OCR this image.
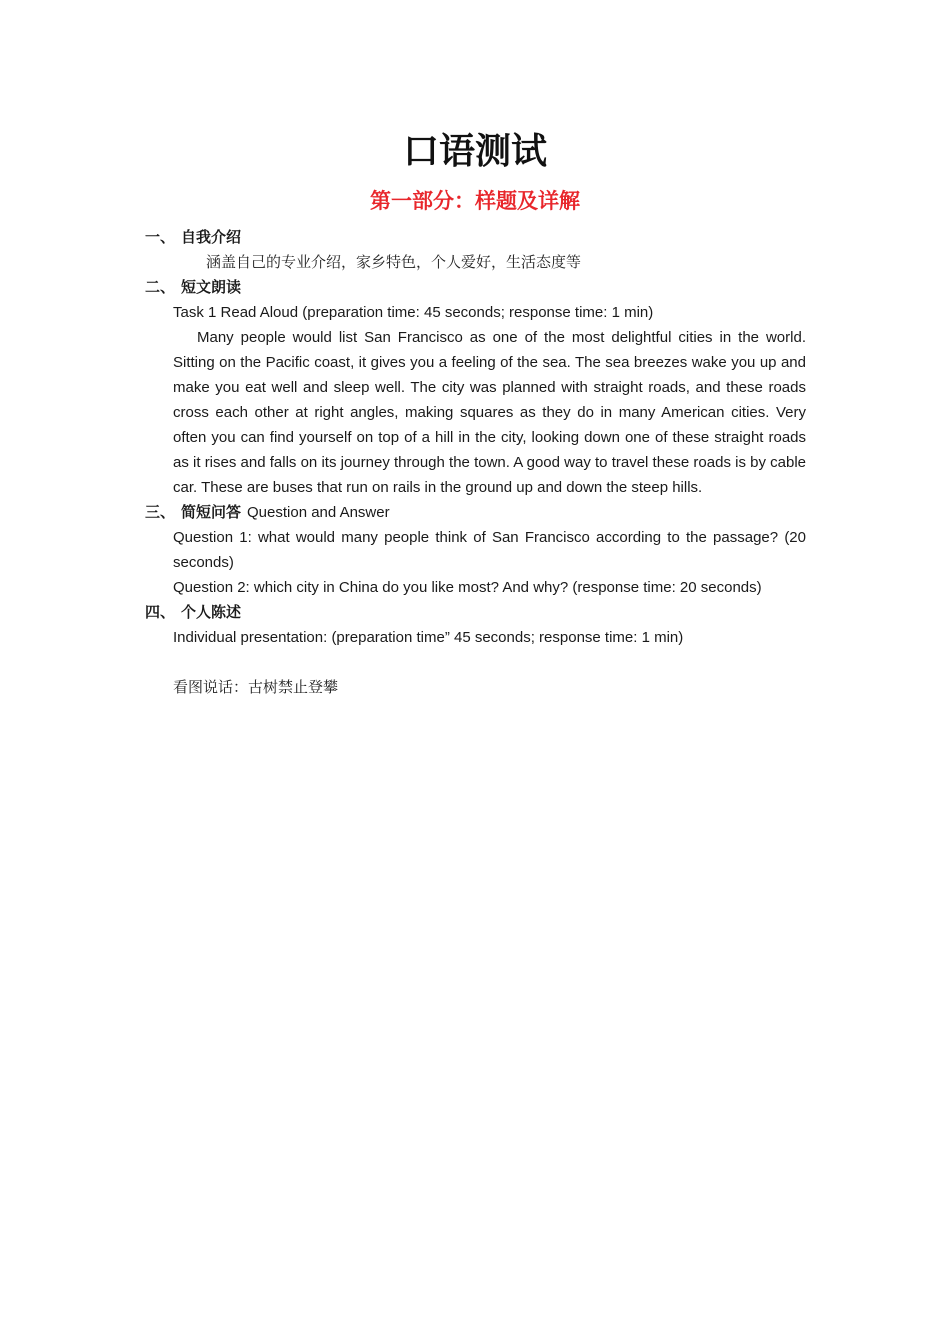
口语测试
第一部分：样题及详解
一、 自我介绍
涵盖自己的专业介绍，家乡特色，个人爱好，生活态度等
二、 短文朗读
Task 1 Read Aloud (preparation time: 45 seconds; response time: 1 min)
Many people would list San Francisco as one of the most delightful cities in the world. Sitting on the Pacific coast, it gives you a feeling of the sea. The sea breezes wake you up and make you eat well and sleep well. The city was planned with straight roads, and these roads cross each other at right angles, making squares as they do in many American cities. Very often you can find yourself on top of a hill in the city, looking down one of these straight roads as it rises and falls on its journey through the town. A good way to travel these roads is by cable car. These are buses that run on rails in the ground up and down the steep hills.
三、 简短问答 Question and Answer
Question 1: what would many people think of San Francisco according to the passage? (20 seconds)
Question 2: which city in China do you like most? And why? (response time: 20 seconds)
四、 个人陈述
Individual presentation: (preparation time” 45 seconds; response time: 1 min)
看图说话：古树禁止登攀
